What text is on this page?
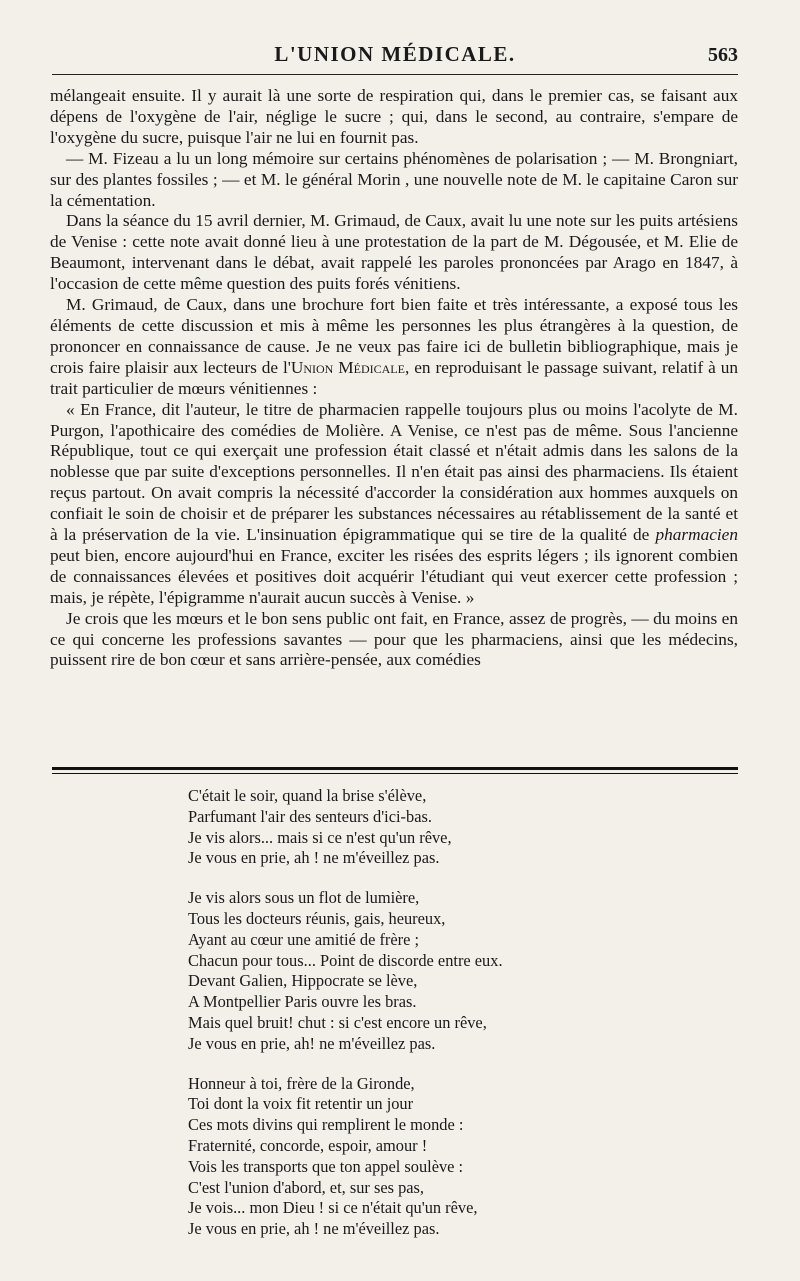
L'UNION MÉDICALE.	563

mélangeait ensuite. Il y aurait là une sorte de respiration qui, dans le premier cas, se faisant aux dépens de l'oxygène de l'air, néglige le sucre ; qui, dans le second, au contraire, s'empare de l'oxygène du sucre, puisque l'air ne lui en fournit pas.

— M. Fizeau a lu un long mémoire sur certains phénomènes de polarisation ; — M. Brongniart, sur des plantes fossiles ; — et M. le général Morin , une nouvelle note de M. le capitaine Caron sur la cémentation.

Dans la séance du 15 avril dernier, M. Grimaud, de Caux, avait lu une note sur les puits artésiens de Venise : cette note avait donné lieu à une protestation de la part de M. Dégousée, et M. Elie de Beaumont, intervenant dans le débat, avait rappelé les paroles prononcées par Arago en 1847, à l'occasion de cette même question des puits forés vénitiens.

M. Grimaud, de Caux, dans une brochure fort bien faite et très intéressante, a exposé tous les éléments de cette discussion et mis à même les personnes les plus étrangères à la question, de prononcer en connaissance de cause. Je ne veux pas faire ici de bulletin bibliographique, mais je crois faire plaisir aux lecteurs de l'Union Médicale, en reproduisant le passage suivant, relatif à un trait particulier de mœurs vénitiennes :

« En France, dit l'auteur, le titre de pharmacien rappelle toujours plus ou moins l'acolyte de M. Purgon, l'apothicaire des comédies de Molière. A Venise, ce n'est pas de même. Sous l'ancienne République, tout ce qui exerçait une profession était classé et n'était admis dans les salons de la noblesse que par suite d'exceptions personnelles. Il n'en était pas ainsi des pharmaciens. Ils étaient reçus partout. On avait compris la nécessité d'accorder la considération aux hommes auxquels on confiait le soin de choisir et de préparer les substances nécessaires au rétablissement de la santé et à la préservation de la vie. L'insinuation épigrammatique qui se tire de la qualité de pharmacien peut bien, encore aujourd'hui en France, exciter les risées des esprits légers ; ils ignorent combien de connaissances élevées et positives doit acquérir l'étudiant qui veut exercer cette profession ; mais, je répète, l'épigramme n'aurait aucun succès à Venise. »

Je crois que les mœurs et le bon sens public ont fait, en France, assez de progrès, — du moins en ce qui concerne les professions savantes — pour que les pharmaciens, ainsi que les médecins, puissent rire de bon cœur et sans arrière-pensée, aux comédies

C'était le soir, quand la brise s'élève,
Parfumant l'air des senteurs d'ici-bas.
Je vis alors... mais si ce n'est qu'un rêve,
Je vous en prie, ah ! ne m'éveillez pas.
Je vis alors sous un flot de lumière,
Tous les docteurs réunis, gais, heureux,
Ayant au cœur une amitié de frère ;
Chacun pour tous... Point de discorde entre eux.
Devant Galien, Hippocrate se lève,
A Montpellier Paris ouvre les bras.
Mais quel bruit! chut : si c'est encore un rêve,
Je vous en prie, ah! ne m'éveillez pas.
Honneur à toi, frère de la Gironde,
Toi dont la voix fit retentir un jour
Ces mots divins qui remplirent le monde :
Fraternité, concorde, espoir, amour !
Vois les transports que ton appel soulève :
C'est l'union d'abord, et, sur ses pas,
Je vois... mon Dieu ! si ce n'était qu'un rêve,
Je vous en prie, ah ! ne m'éveillez pas.
